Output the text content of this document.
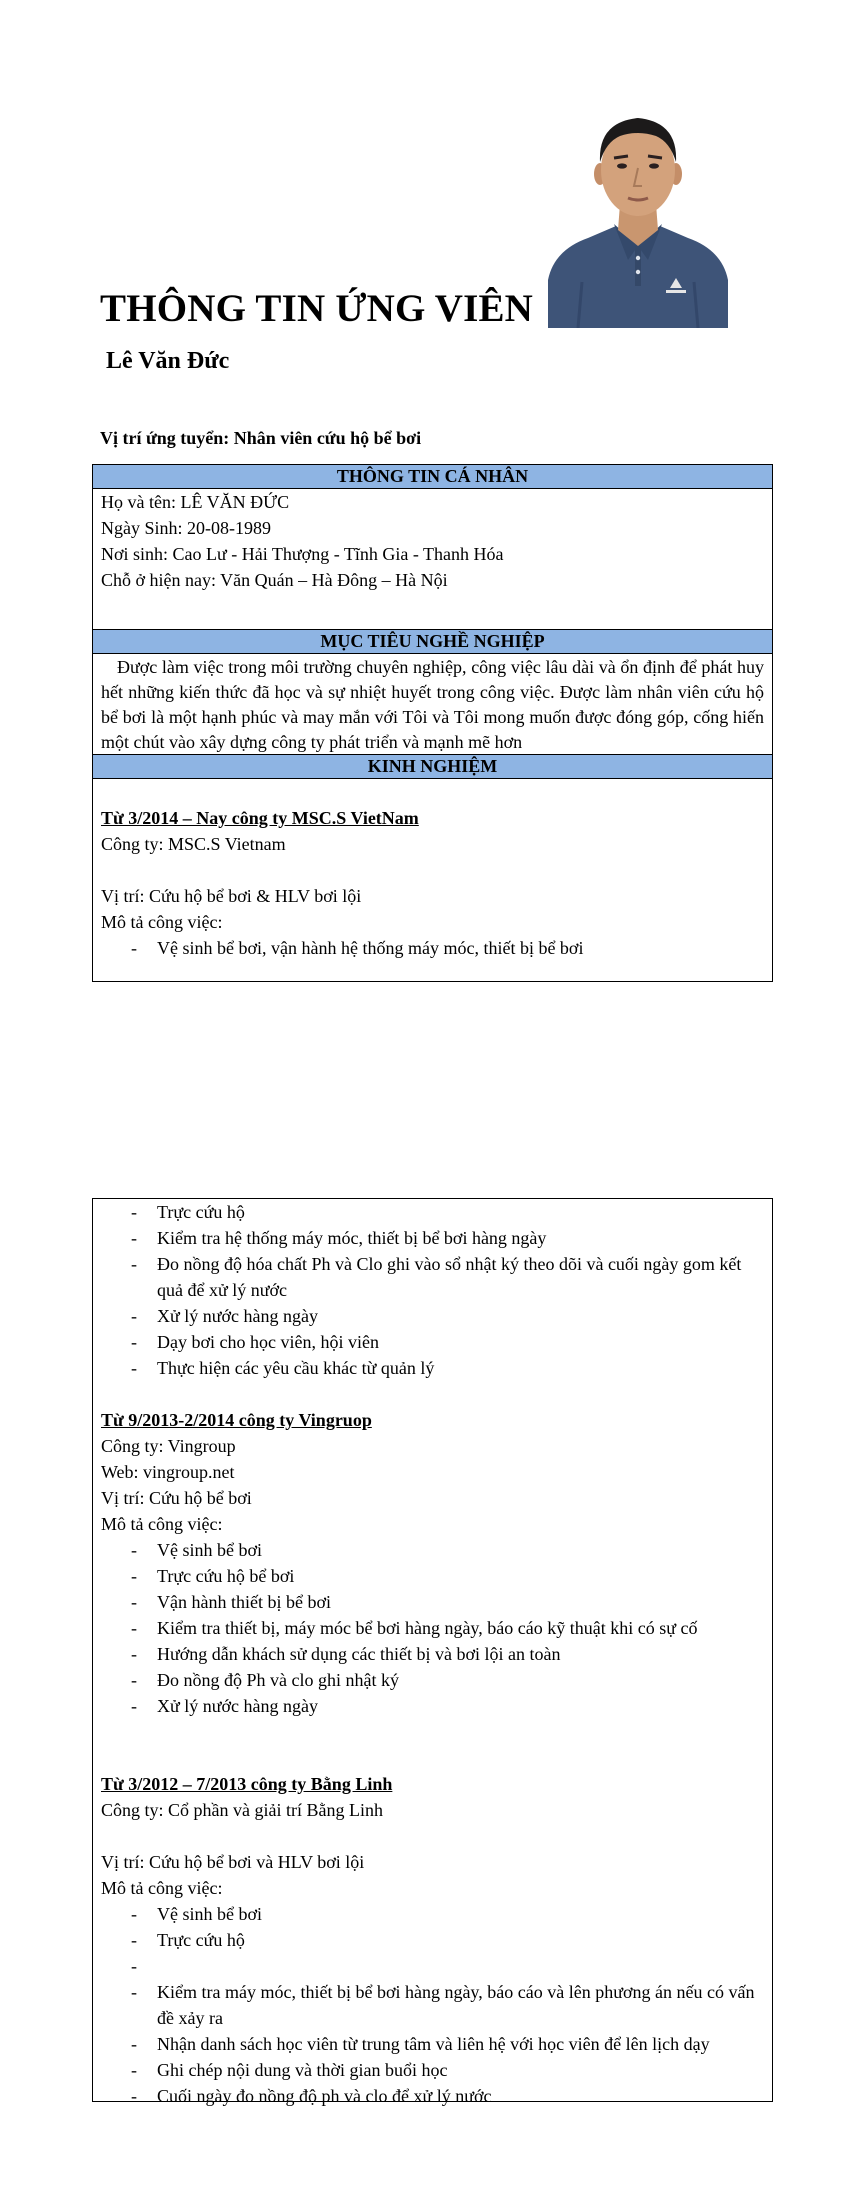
THÔNG TIN ỨNG VIÊN
Lê Văn Đức

Vị trí ứng tuyển: Nhân viên cứu hộ bể bơi

THÔNG TIN CÁ NHÂN
Họ và tên: LÊ VĂN ĐỨC
Ngày Sinh: 20-08-1989
Nơi sinh: Cao Lư - Hải Thượng - Tĩnh Gia - Thanh Hóa
Chỗ ở hiện nay: Văn Quán – Hà Đông – Hà Nội
MỤC TIÊU NGHỀ NGHIỆP
Được làm việc trong môi trường chuyên nghiệp, công việc lâu dài và ổn định để phát huy hết những kiến thức đã học và sự nhiệt huyết trong công việc. Được làm nhân viên cứu hộ bể bơi là một hạnh phúc và may mắn với Tôi và Tôi mong muốn được đóng góp, cống hiến một chút vào xây dựng công ty phát triển và mạnh mẽ hơn
KINH NGHIỆM
Từ 3/2014 – Nay công ty MSC.S VietNam
Công ty: MSC.S Vietnam
Vị trí: Cứu hộ bể bơi & HLV bơi lội
Mô tả công việc:
- Vệ sinh bể bơi, vận hành hệ thống máy móc, thiết bị bể bơi
- Trực cứu hộ
- Kiểm tra hệ thống máy móc, thiết bị bể bơi hàng ngày
- Đo nồng độ hóa chất Ph và Clo ghi vào sổ nhật ký theo dõi và cuối ngày gom kết quả để xử lý nước
- Xử lý nước hàng ngày
- Dạy bơi cho học viên, hội viên
- Thực hiện các yêu cầu khác từ quản lý
Từ 9/2013-2/2014 công ty Vingruop
Công ty: Vingroup
Web: vingroup.net
Vị trí: Cứu hộ bể bơi
Mô tả công việc:
- Vệ sinh bể bơi
- Trực cứu hộ bể bơi
- Vận hành thiết bị bể bơi
- Kiểm tra thiết bị, máy móc bể bơi hàng ngày, báo cáo kỹ thuật khi có sự cố
- Hướng dẫn khách sử dụng các thiết bị và bơi lội an toàn
- Đo nồng độ Ph và clo ghi nhật ký
- Xử lý nước hàng ngày
Từ 3/2012 – 7/2013 công ty Bằng Linh
Công ty: Cổ phần và giải trí Bằng Linh
Vị trí: Cứu hộ bể bơi và HLV bơi lội
Mô tả công việc:
- Vệ sinh bể bơi
- Trực cứu hộ
-
- Kiểm tra máy móc, thiết bị bể bơi hàng ngày, báo cáo và lên phương án nếu có vấn đề xảy ra
- Nhận danh sách học viên từ trung tâm và liên hệ với học viên để lên lịch dạy
- Ghi chép nội dung và thời gian buổi học
- Cuối ngày đo nồng độ ph và clo để xử lý nước
